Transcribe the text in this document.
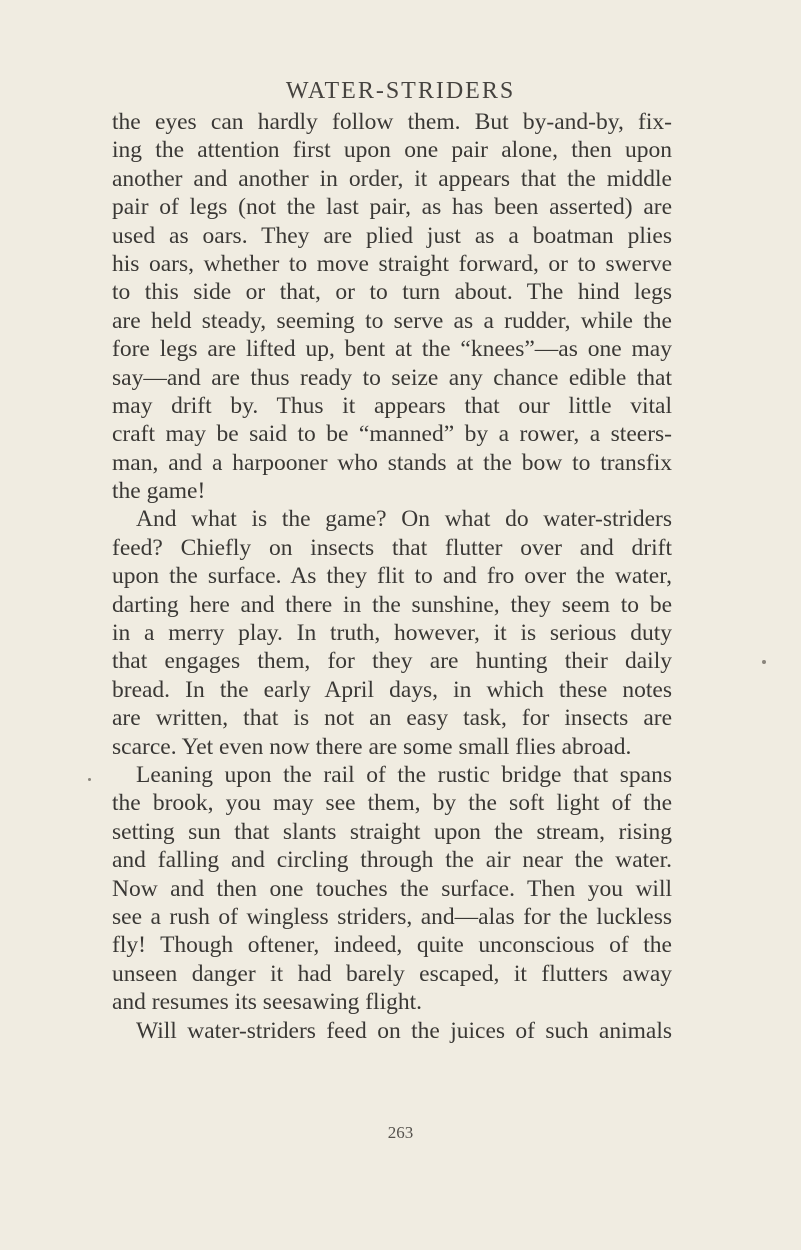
WATER-STRIDERS
the eyes can hardly follow them. But by-and-by, fix-
ing the attention first upon one pair alone, then upon
another and another in order, it appears that the middle
pair of legs (not the last pair, as has been asserted) are
used as oars. They are plied just as a boatman plies
his oars, whether to move straight forward, or to swerve
to this side or that, or to turn about. The hind legs
are held steady, seeming to serve as a rudder, while the
fore legs are lifted up, bent at the “knees”—as one may
say—and are thus ready to seize any chance edible that
may drift by. Thus it appears that our little vital
craft may be said to be “manned” by a rower, a steers-
man, and a harpooner who stands at the bow to transfix
the game!
And what is the game? On what do water-striders
feed? Chiefly on insects that flutter over and drift
upon the surface. As they flit to and fro over the water,
darting here and there in the sunshine, they seem to be
in a merry play. In truth, however, it is serious duty
that engages them, for they are hunting their daily
bread. In the early April days, in which these notes
are written, that is not an easy task, for insects are
scarce. Yet even now there are some small flies abroad.
Leaning upon the rail of the rustic bridge that spans
the brook, you may see them, by the soft light of the
setting sun that slants straight upon the stream, rising
and falling and circling through the air near the water.
Now and then one touches the surface. Then you will
see a rush of wingless striders, and—alas for the luckless
fly! Though oftener, indeed, quite unconscious of the
unseen danger it had barely escaped, it flutters away
and resumes its seesawing flight.
Will water-striders feed on the juices of such animals
263
